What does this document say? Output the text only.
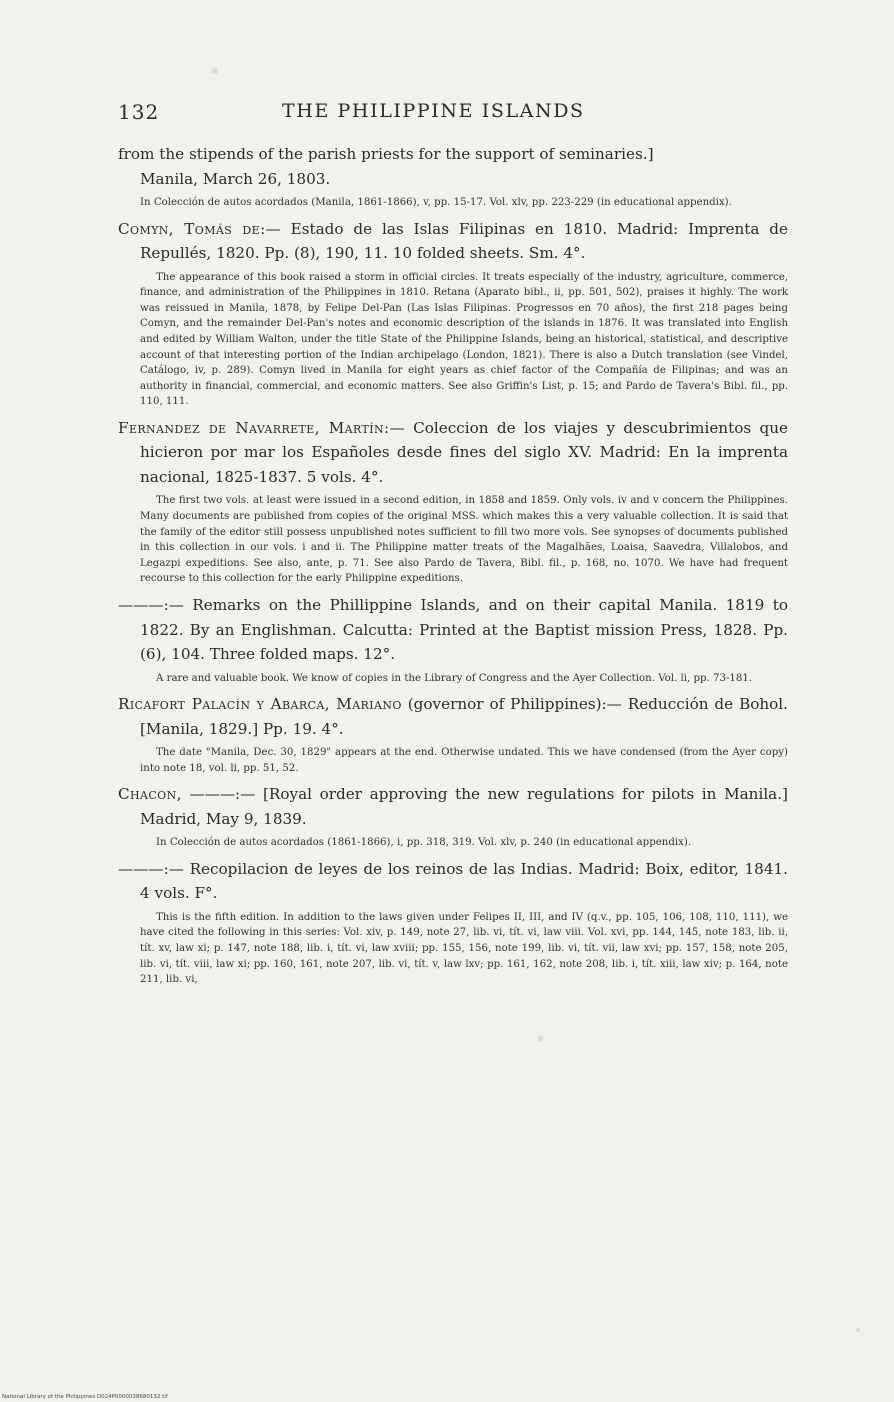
132	THE PHILIPPINE ISLANDS

from the stipends of the parish priests for the support of seminaries.]

Manila, March 26, 1803.

In Colección de autos acordados (Manila, 1861-1866), v, pp. 15-17. Vol. xlv, pp. 223-229 (in educational appendix).

Comyn, Tomás de:— Estado de las Islas Filipinas en 1810. Madrid: Imprenta de Repullés, 1820. Pp. (8), 190, 11. 10 folded sheets. Sm. 4°.

The appearance of this book raised a storm in official circles. It treats especially of the industry, agriculture, commerce, finance, and administration of the Philippines in 1810. Retana (Aparato bibl., ii, pp. 501, 502), praises it highly. The work was reissued in Manila, 1878, by Felipe Del-Pan (Las Islas Filipinas. Progressos en 70 años), the first 218 pages being Comyn, and the remainder Del-Pan's notes and economic description of the islands in 1876. It was translated into English and edited by William Walton, under the title State of the Philippine Islands, being an historical, statistical, and descriptive account of that interesting portion of the Indian archipelago (London, 1821). There is also a Dutch translation (see Vindel, Catálogo, iv, p. 289). Comyn lived in Manila for eight years as chief factor of the Compañía de Filipinas; and was an authority in financial, commercial, and economic matters. See also Griffin's List, p. 15; and Pardo de Tavera's Bibl. fil., pp. 110, 111.

Fernandez de Navarrete, Martín:— Coleccion de los viajes y descubrimientos que hicieron por mar los Españoles desde fines del siglo XV. Madrid: En la imprenta nacional, 1825-1837. 5 vols. 4°.

The first two vols. at least were issued in a second edition, in 1858 and 1859. Only vols. iv and v concern the Philippines. Many documents are published from copies of the original MSS. which makes this a very valuable collection. It is said that the family of the editor still possess unpublished notes sufficient to fill two more vols. See synopses of documents published in this collection in our vols. i and ii. The Philippine matter treats of the Magalhães, Loaisa, Saavedra, Villalobos, and Legazpi expeditions. See also, ante, p. 71. See also Pardo de Tavera, Bibl. fil., p. 168, no. 1070. We have had frequent recourse to this collection for the early Philippine expeditions.

———:— Remarks on the Phillippine Islands, and on their capital Manila. 1819 to 1822. By an Englishman. Calcutta: Printed at the Baptist mission Press, 1828. Pp. (6), 104. Three folded maps. 12°.

A rare and valuable book. We know of copies in the Library of Congress and the Ayer Collection. Vol. li, pp. 73-181.

Ricafort Palacín y Abarca, Mariano (governor of Philippines):— Reducción de Bohol. [Manila, 1829.] Pp. 19. 4°.

The date "Manila, Dec. 30, 1829" appears at the end. Otherwise undated. This we have condensed (from the Ayer copy) into note 18, vol. li, pp. 51, 52.

Chacon, ———:— [Royal order approving the new regulations for pilots in Manila.] Madrid, May 9, 1839.

In Colección de autos acordados (1861-1866), i, pp. 318, 319. Vol. xlv, p. 240 (in educational appendix).

———:— Recopilacion de leyes de los reinos de las Indias. Madrid: Boix, editor, 1841. 4 vols. F°.

This is the fifth edition. In addition to the laws given under Felipes II, III, and IV (q.v., pp. 105, 106, 108, 110, 111), we have cited the following in this series: Vol. xiv, p. 149, note 27, lib. vi, tít. vi, law viii. Vol. xvi, pp. 144, 145, note 183, lib. ii, tít. xv, law xi; p. 147, note 188, lib. i, tít. vi, law xviii; pp. 155, 156, note 199, lib. vi, tít. vii, law xvi; pp. 157, 158, note 205, lib. vi, tít. viii, law xi; pp. 160, 161, note 207, lib. vi, tít. v, law lxv; pp. 161, 162, note 208, lib. i, tít. xiii, law xiv; p. 164, note 211, lib. vi,

National Library of the Philippines D024P0000038680132.tif
